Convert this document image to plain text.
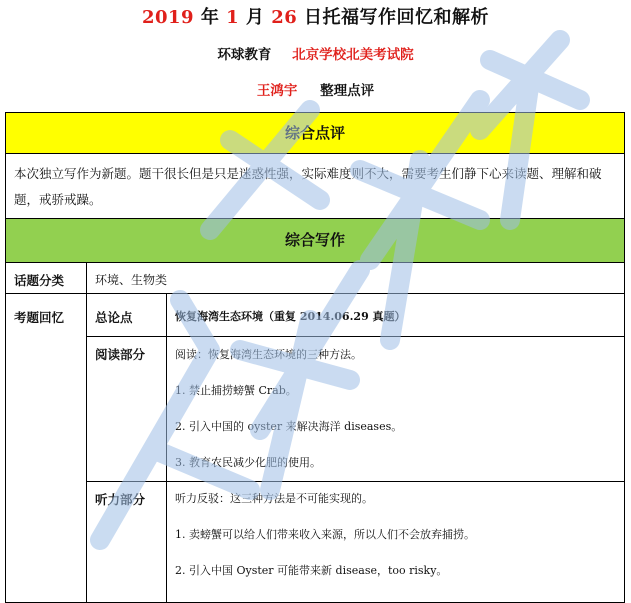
2019 年 1 月 26 日托福写作回忆和解析
环球教育 北京学校北美考试院
王鸿宇 整理点评
综合点评
本次独立写作为新题。题干很长但是只是迷惑性强，实际难度则不大，需要考生们静下心来读题、理解和破题，戒骄戒躁。
综合写作
话题分类	环境、生物类
考题回忆	总论点	恢复海湾生态环境（重复 2014.06.29 真题）
阅读部分	阅读：恢复海湾生态环境的三种方法。
1. 禁止捕捞螃蟹 Crab。
2. 引入中国的 oyster 来解决海洋 diseases。
3. 教育农民减少化肥的使用。
听力部分	听力反驳：这三种方法是不可能实现的。
1. 卖螃蟹可以给人们带来收入来源，所以人们不会放弃捕捞。
2. 引入中国 Oyster 可能带来新 disease，too risky。
